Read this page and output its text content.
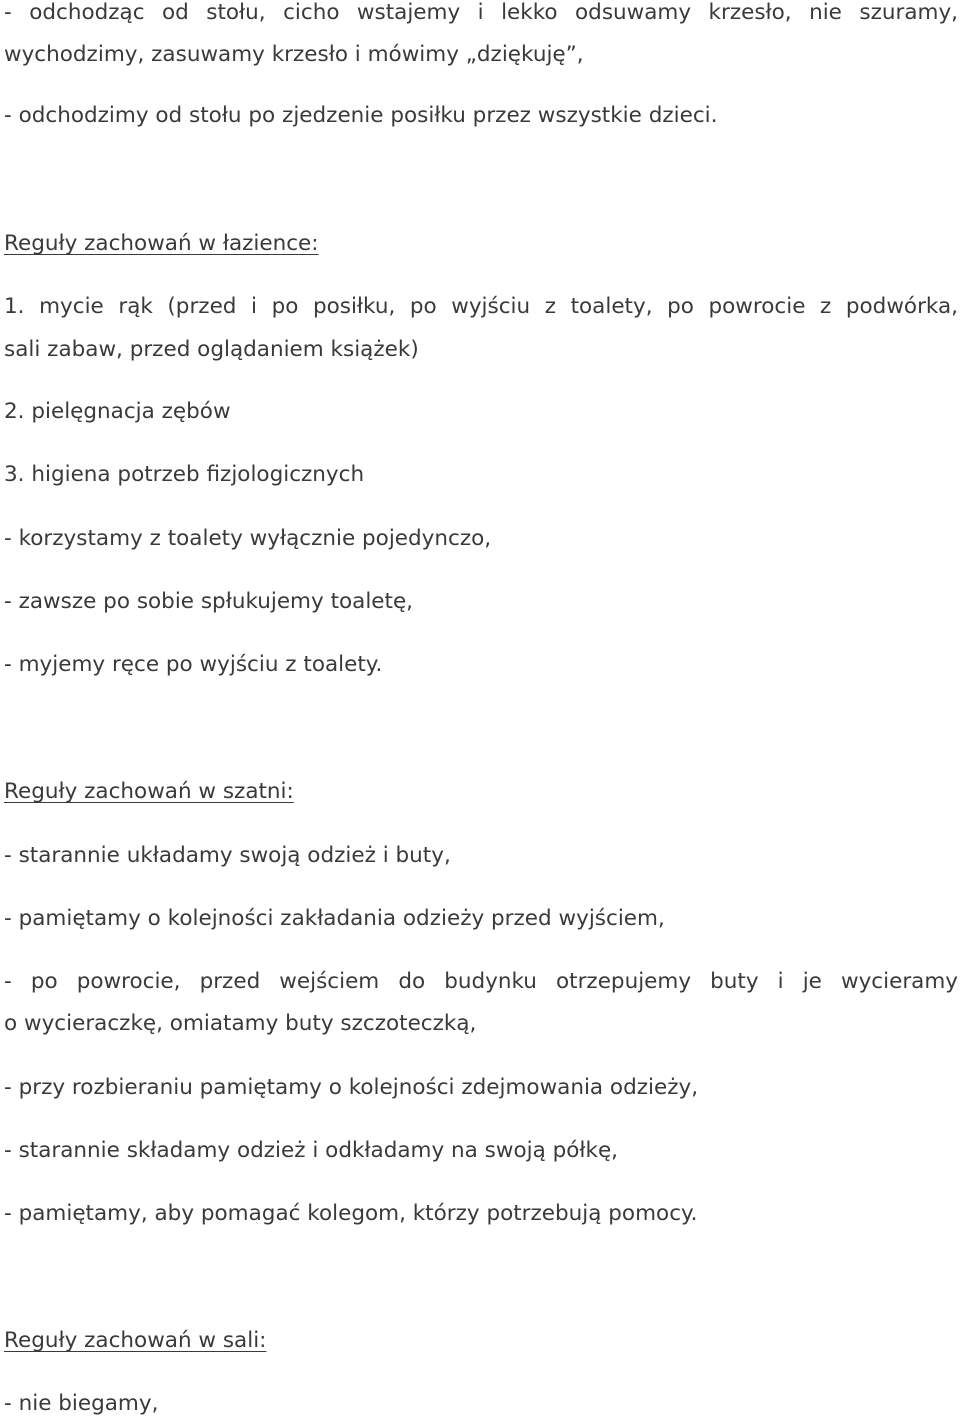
- odchodząc od stołu, cicho wstajemy i lekko odsuwamy krzesło, nie szuramy,

wychodzimy, zasuwamy krzesło i mówimy „dziękuję”,

- odchodzimy od stołu po zjedzenie posiłku przez wszystkie dzieci.

Reguły zachowań w łazience:

1. mycie rąk (przed i po posiłku, po wyjściu z toalety, po powrocie z podwórka,

sali zabaw, przed oglądaniem książek)

2. pielęgnacja zębów

3. higiena potrzeb fizjologicznych

- korzystamy z toalety wyłącznie pojedynczo,

- zawsze po sobie spłukujemy toaletę,

- myjemy ręce po wyjściu z toalety.

Reguły zachowań w szatni:

- starannie układamy swoją odzież i buty,

- pamiętamy o kolejności zakładania odzieży przed wyjściem,

- po powrocie, przed wejściem do budynku otrzepujemy buty i je wycieramy

o wycieraczkę, omiatamy buty szczoteczką,

- przy rozbieraniu pamiętamy o kolejności zdejmowania odzieży,

- starannie składamy odzież i odkładamy na swoją półkę,

- pamiętamy, aby pomagać kolegom, którzy potrzebują pomocy.

Reguły zachowań w sali:

- nie biegamy,
